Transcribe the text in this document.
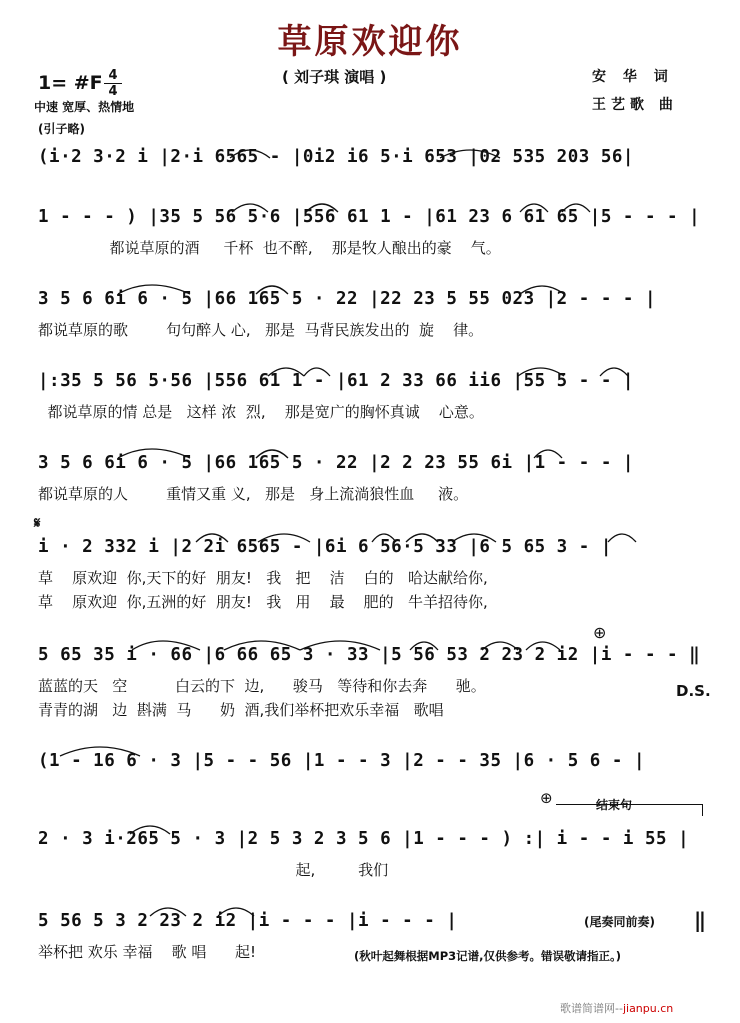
草原欢迎你
( 刘子琪 演唱 )
1= #F $\frac{4}{4}$
中速 宽厚、热情地
(引子略)
安 华 词
王艺歌 曲
(i·2 3·2 i |2·i 6565 - |0i2 i6 5·i 653 |02 535 203 56|
1 - - - ) |35 5 56 5·6 |556 61 1 - |61 23 6 61 65 |5 - - - |
都说草原的酒     千杯  也不醉,    那是牧人酿出的豪    气。
3 5 6 6i 6 · 5 |66 165 5 · 22 |22 23 5 55 023 |2 - - - |
都说草原的歌        句句醉人 心,   那是  马背民族发出的  旋    律。
|:35 5 56 5·56 |556 61 1 - |61 2 33 66 ii6 |55 5 - - |
都说草原的情 总是   这样 浓  烈,    那是宽广的胸怀真诚    心意。
3 5 6 6i 6 · 5 |66 165 5 · 22 |2 2 23 55 6i |1 - - - |
都说草原的人        重情又重 义,   那是   身上流淌狼性血     液。
𝄋
i · 2 332 i |2 2i 6565 - |6i 6 56·5 33 |6 5 65 3 - |
草    原欢迎  你,天下的好  朋友!   我   把    洁    白的   哈达献给你,
草    原欢迎  你,五洲的好  朋友!   我   用    最    肥的   牛羊招待你,
⊕
5 65 35 i · 66 |6 66 65 3 · 33 |5 56 53 2 23 2 i2 |i - - - ‖
蓝蓝的天   空          白云的下  边,      骏马   等待和你去奔      驰。
青青的湖   边  斟满  马      奶  酒,我们举杯把欢乐幸福   歌唱
D.S.
(1 - 16 6 · 3 |5 - - 56 |1 - - 3 |2 - - 35 |6 · 5 6 - |
⊕	结束句
2 · 3 i·265 5 · 3 |2 5 3 2 3 5 6 |1 - - - ) :| i - - i 55 |
起,         我们
5 56 5 3 2 23 2 i2 |i - - - |i - - - |
举杯把 欢乐 幸福    歌 唱      起!
(尾奏同前奏) ‖
(秋叶起舞根据MP3记谱,仅供参考。错误敬请指正。)
歌谱简谱网--jianpu.cn
